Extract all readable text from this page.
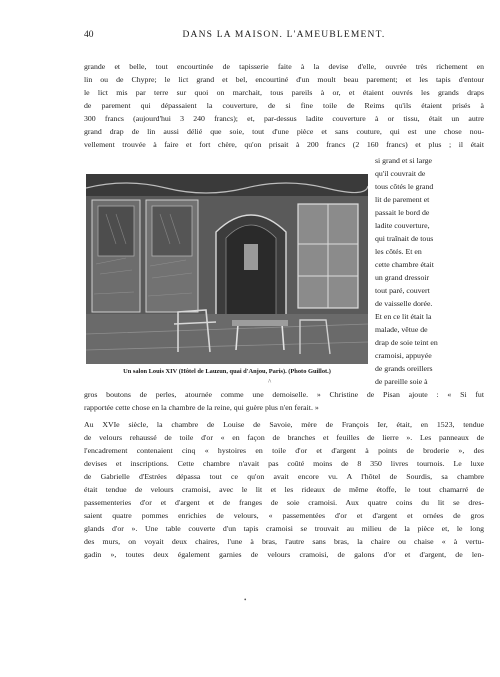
40	DANS LA MAISON. L'AMEUBLEMENT.
grande et belle, tout encourtinée de tapisserie faite à la devise d'elle, ouvrée très richement en
lin ou de Chypre; le lict grand et bel, encourtiné d'un moult beau parement; et les tapis d'entour
le lict mis par terre sur quoi on marchait, tous pareils à or, et étaient ouvrés les grands draps
de parement qui dépassaient la couverture, de si fine toile de Reims qu'ils étaient prisés à
300 francs (aujourd'hui 3 240 francs); et, par-dessus ladite couverture à or tissu, était un autre
grand drap de lin aussi délié que soie, tout d'une pièce et sans couture, qui est une chose nou-
vellement trouvée à faire et fort chère, qu'on prisait à 200 francs (2 160 francs) et plus ; il était
si grand et si large
qu'il couvrait de
tous côtés le grand
lit de parement et
passait le bord de
ladite couverture,
qui traînait de tous
les côtés. Et en
cette chambre était
un grand dressoir
tout paré, couvert
de vaisselle dorée.
Et en ce lit était la
malade, vêtue de
drap de soie teint en
cramoisi, appuyée
de grands oreillers
de pareille soie à
Un salon Louis XIV (Hôtel de Lauzun, quai d'Anjou, Paris). (Photo Guillot.)
^
gros boutons de perles, atournée comme une demoiselle. » Christine de Pisan ajoute : « Si fut
rapportée cette chose en la chambre de la reine, qui guère plus n'en ferait. »
Au XVIe siècle, la chambre de Louise de Savoie, mère de François Ier, était, en 1523, tendue
de velours rehaussé de toile d'or « en façon de branches et feuilles de lierre ». Les panneaux de
l'encadrement contenaient cinq « hystoires en toile d'or et d'argent à points de broderie », des
devises et inscriptions. Cette chambre n'avait pas coûté moins de 8 350 livres tournois. Le luxe
de Gabrielle d'Estrées dépassa tout ce qu'on avait encore vu. A l'hôtel de Sourdis, sa chambre
était tendue de velours cramoisi, avec le lit et les rideaux de même étoffe, le tout chamarré de
passementeries d'or et d'argent et de franges de soie cramoisi. Aux quatre coins du lit se dres-
saient quatre pommes enrichies de velours, « passementées d'or et d'argent et ornées de gros
glands d'or ». Une table couverte d'un tapis cramoisi se trouvait au milieu de la pièce et, le long
des murs, on voyait deux chaires, l'une à bras, l'autre sans bras, la chaire ou chaise « à vertu-
gadin », toutes deux également garnies de velours cramoisi, de galons d'or et d'argent, de len-
•
